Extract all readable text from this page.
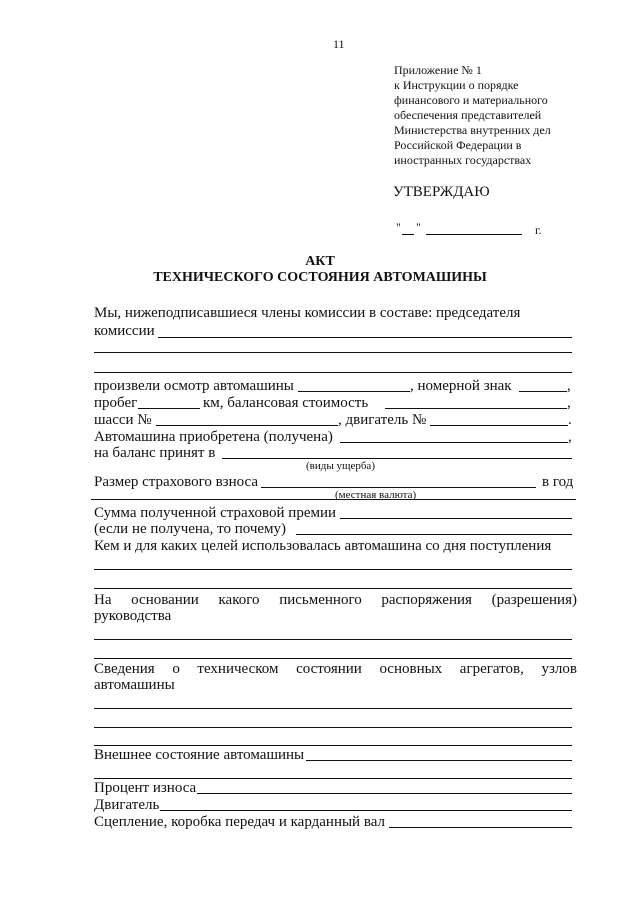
11
Приложение № 1
к Инструкции о порядке
финансового и материального
обеспечения представителей
Министерства внутренних дел
Российской Федерации в
иностранных государствах
УТВЕРЖДАЮ
" "	г.
АКТ
ТЕХНИЧЕСКОГО СОСТОЯНИЯ АВТОМАШИНЫ
Мы, нижеподписавшиеся члены комиссии в составе: председателя
комиссии
произвели осмотр автомашины	, номерной знак	,
пробег	км, балансовая стоимость	,
шасси №	, двигатель №	.
Автомашина приобретена (получена)	,
на баланс принят в
(виды ущерба)
Размер страхового взноса	в год
(местная валюта)
Сумма полученной страховой премии
(если не получена, то почему)
Кем и для каких целей использовалась автомашина со дня поступления
На основании какого письменного распоряжения (разрешения)
руководства
Сведения о техническом состоянии основных агрегатов, узлов
автомашины
Внешнее состояние автомашины
Процент износа
Двигатель
Сцепление, коробка передач и карданный вал
